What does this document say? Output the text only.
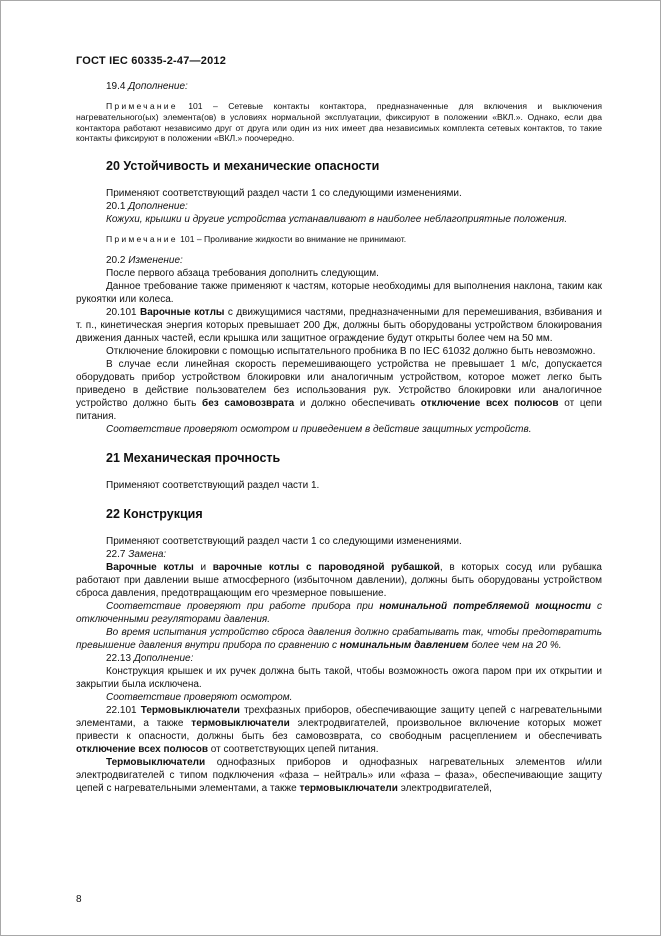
ГОСТ IEC 60335-2-47—2012
19.4 Дополнение:
Примечание 101 – Сетевые контакты контактора, предназначенные для включения и выключения нагревательного(ых) элемента(ов) в условиях нормальной эксплуатации, фиксируют в положении «ВКЛ.». Однако, если два контактора работают независимо друг от друга или один из них имеет два независимых комплекта сетевых контактов, то такие контакты фиксируют в положении «ВКЛ.» поочередно.
20 Устойчивость и механические опасности
Применяют соответствующий раздел части 1 со следующими изменениями.
20.1 Дополнение:
Кожухи, крышки и другие устройства устанавливают в наиболее неблагоприятные положения.
Примечание 101 – Проливание жидкости во внимание не принимают.
20.2 Изменение:
После первого абзаца требования дополнить следующим.
Данное требование также применяют к частям, которые необходимы для выполнения наклона, таким как рукоятки или колеса.
20.101 Варочные котлы с движущимися частями, предназначенными для перемешивания, взбивания и т. п., кинетическая энергия которых превышает 200 Дж, должны быть оборудованы устройством блокирования движения данных частей, если крышка или защитное ограждение будут открыты более чем на 50 мм.
Отключение блокировки с помощью испытательного пробника В по IEC 61032 должно быть невозможно.
В случае если линейная скорость перемешивающего устройства не превышает 1 м/с, допускается оборудовать прибор устройством блокировки или аналогичным устройством, которое может легко быть приведено в действие пользователем без использования рук. Устройство блокировки или аналогичное устройство должно быть без самовозврата и должно обеспечивать отключение всех полюсов от цепи питания.
Соответствие проверяют осмотром и приведением в действие защитных устройств.
21 Механическая прочность
Применяют соответствующий раздел части 1.
22 Конструкция
Применяют соответствующий раздел части 1 со следующими изменениями.
22.7 Замена:
Варочные котлы и варочные котлы с пароводяной рубашкой, в которых сосуд или рубашка работают при давлении выше атмосферного (избыточном давлении), должны быть оборудованы устройством сброса давления, предотвращающим его чрезмерное повышение.
Соответствие проверяют при работе прибора при номинальной потребляемой мощности с отключенными регуляторами давления.
Во время испытания устройство сброса давления должно срабатывать так, чтобы предотвратить превышение давления внутри прибора по сравнению с номинальным давлением более чем на 20 %.
22.13 Дополнение:
Конструкция крышек и их ручек должна быть такой, чтобы возможность ожога паром при их открытии и закрытии была исключена.
Соответствие проверяют осмотром.
22.101 Термовыключатели трехфазных приборов, обеспечивающие защиту цепей с нагревательными элементами, а также термовыключатели электродвигателей, произвольное включение которых может привести к опасности, должны быть без самовозврата, со свободным расцеплением и обеспечивать отключение всех полюсов от соответствующих цепей питания.
Термовыключатели однофазных приборов и однофазных нагревательных элементов и/или электродвигателей с типом подключения «фаза – нейтраль» или «фаза – фаза», обеспечивающие защиту цепей с нагревательными элементами, а также термовыключатели электродвигателей,
8
